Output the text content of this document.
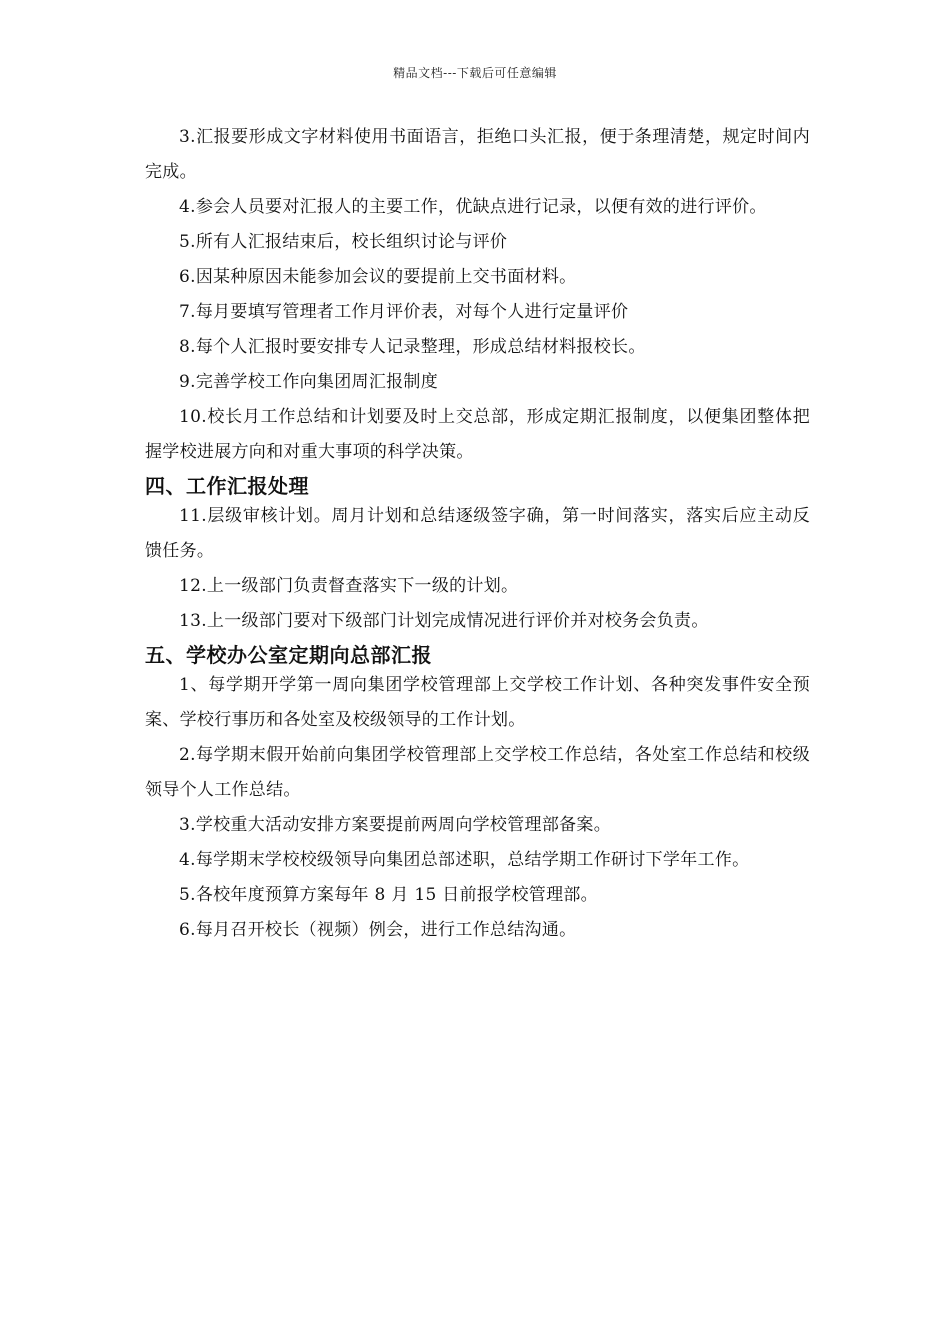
精品文档---下载后可任意编辑

3.汇报要形成文字材料使用书面语言，拒绝口头汇报，便于条理清楚，规定时间内完成。

4.参会人员要对汇报人的主要工作，优缺点进行记录，以便有效的进行评价。

5.所有人汇报结束后，校长组织讨论与评价

6.因某种原因未能参加会议的要提前上交书面材料。

7.每月要填写管理者工作月评价表，对每个人进行定量评价

8.每个人汇报时要安排专人记录整理，形成总结材料报校长。

9.完善学校工作向集团周汇报制度

10.校长月工作总结和计划要及时上交总部，形成定期汇报制度，以便集团整体把握学校进展方向和对重大事项的科学决策。

四、工作汇报处理

11.层级审核计划。周月计划和总结逐级签字确，第一时间落实，落实后应主动反馈任务。

12.上一级部门负责督查落实下一级的计划。

13.上一级部门要对下级部门计划完成情况进行评价并对校务会负责。

五、学校办公室定期向总部汇报

1、每学期开学第一周向集团学校管理部上交学校工作计划、各种突发事件安全预案、学校行事历和各处室及校级领导的工作计划。

2.每学期末假开始前向集团学校管理部上交学校工作总结，各处室工作总结和校级领导个人工作总结。

3.学校重大活动安排方案要提前两周向学校管理部备案。

4.每学期末学校校级领导向集团总部述职，总结学期工作研讨下学年工作。

5.各校年度预算方案每年 8 月 15 日前报学校管理部。

6.每月召开校长（视频）例会，进行工作总结沟通。
